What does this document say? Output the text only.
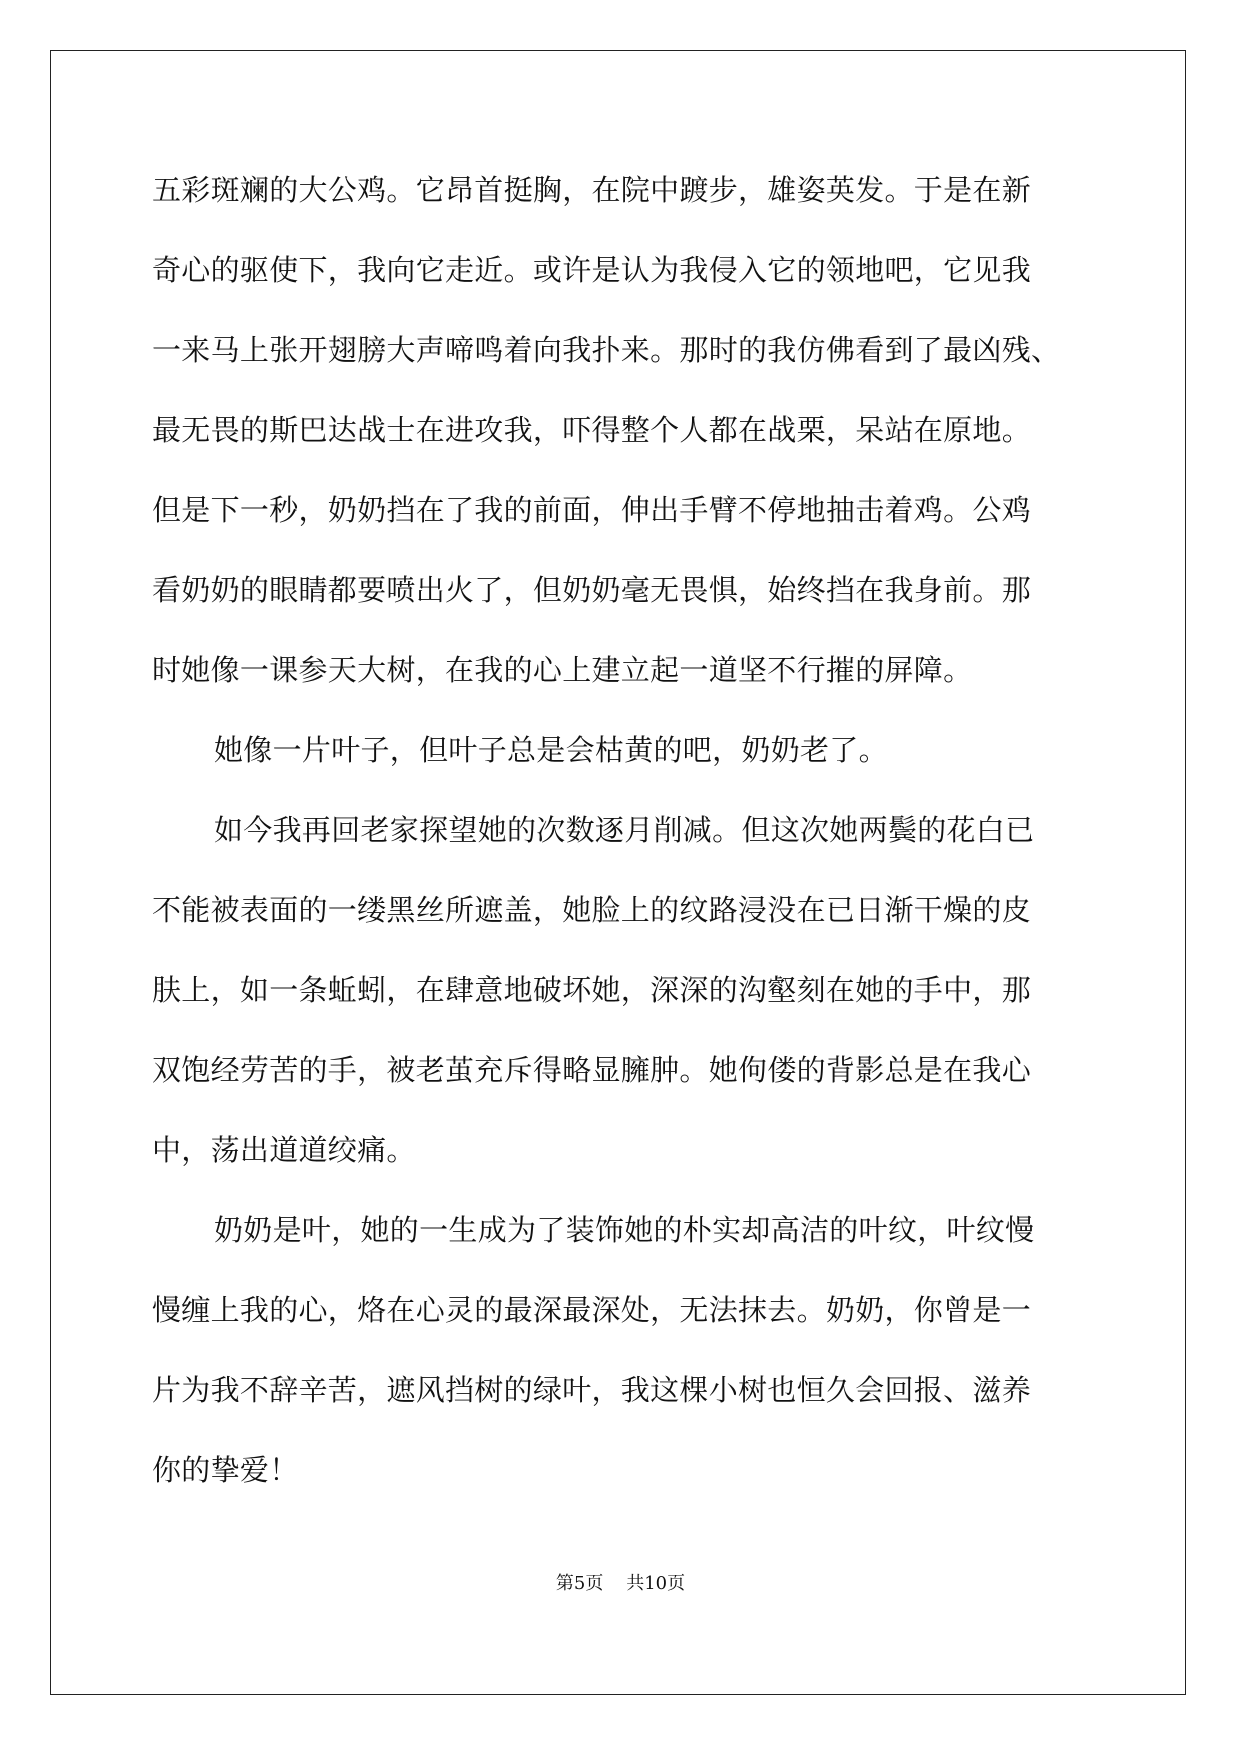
五彩斑斓的大公鸡。它昂首挺胸，在院中踱步，雄姿英发。于是在新
奇心的驱使下，我向它走近。或许是认为我侵入它的领地吧，它见我
一来马上张开翅膀大声啼鸣着向我扑来。那时的我仿佛看到了最凶残、
最无畏的斯巴达战士在进攻我，吓得整个人都在战栗，呆站在原地。
但是下一秒，奶奶挡在了我的前面，伸出手臂不停地抽击着鸡。公鸡
看奶奶的眼睛都要喷出火了，但奶奶毫无畏惧，始终挡在我身前。那
时她像一课参天大树，在我的心上建立起一道坚不行摧的屏障。
她像一片叶子，但叶子总是会枯黄的吧，奶奶老了。
如今我再回老家探望她的次数逐月削减。但这次她两鬓的花白已
不能被表面的一缕黑丝所遮盖，她脸上的纹路浸没在已日渐干燥的皮
肤上，如一条蚯蚓，在肆意地破坏她，深深的沟壑刻在她的手中，那
双饱经劳苦的手，被老茧充斥得略显臃肿。她佝偻的背影总是在我心
中，荡出道道绞痛。
奶奶是叶，她的一生成为了装饰她的朴实却高洁的叶纹，叶纹慢
慢缠上我的心，烙在心灵的最深最深处，无法抹去。奶奶，你曾是一
片为我不辞辛苦，遮风挡树的绿叶，我这棵小树也恒久会回报、滋养
你的挚爱！
第5页 共10页
